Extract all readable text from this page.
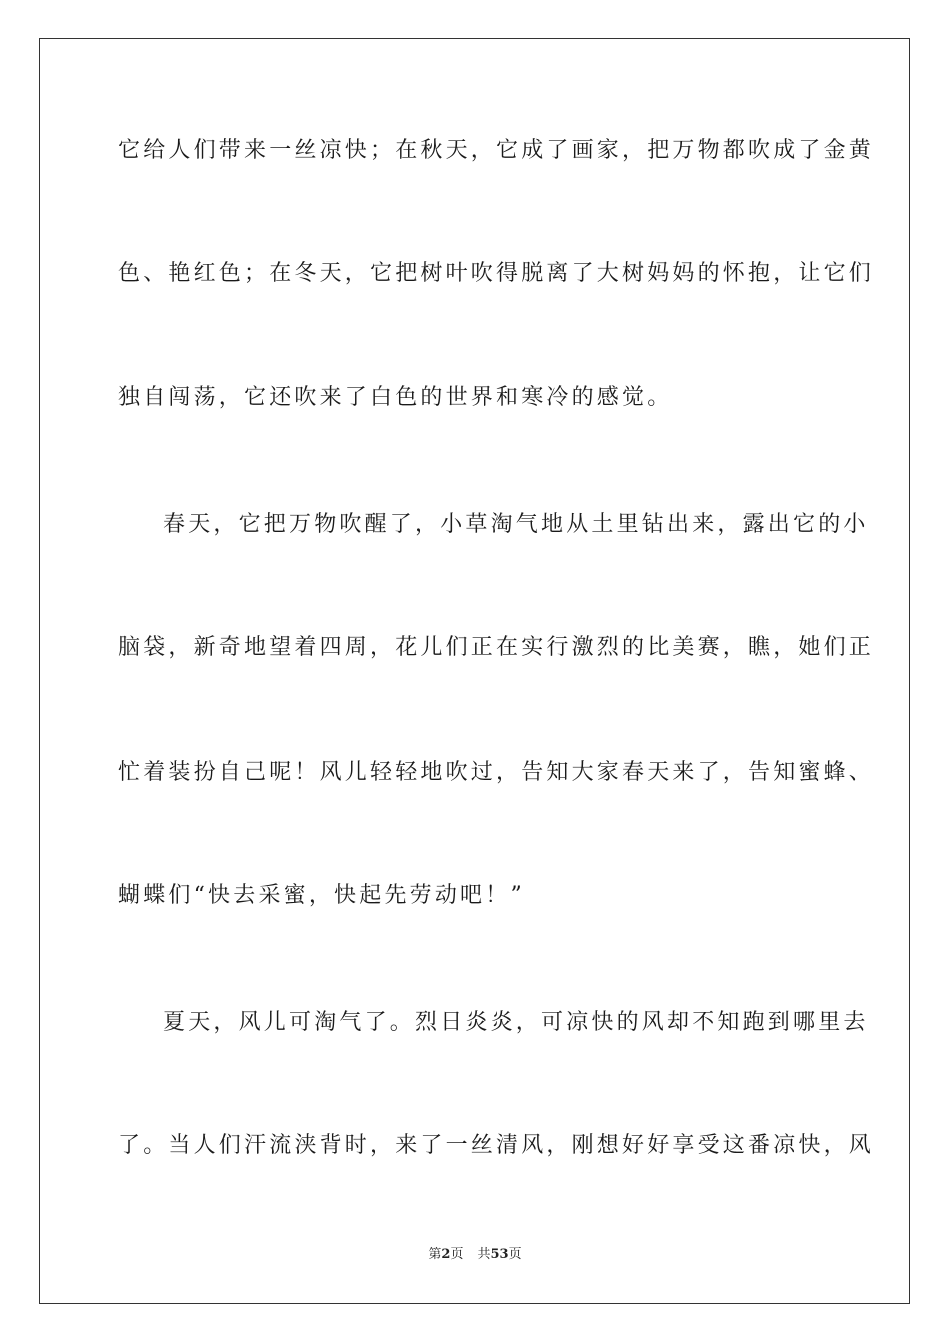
它给人们带来一丝凉快；在秋天，它成了画家，把万物都吹成了金黄
色、艳红色；在冬天，它把树叶吹得脱离了大树妈妈的怀抱，让它们
独自闯荡，它还吹来了白色的世界和寒冷的感觉。
春天，它把万物吹醒了，小草淘气地从土里钻出来，露出它的小
脑袋，新奇地望着四周，花儿们正在实行激烈的比美赛，瞧，她们正
忙着装扮自己呢！风儿轻轻地吹过，告知大家春天来了，告知蜜蜂、
蝴蝶们“快去采蜜，快起先劳动吧！”
夏天，风儿可淘气了。烈日炎炎，可凉快的风却不知跑到哪里去
了。当人们汗流浃背时，来了一丝清风，刚想好好享受这番凉快，风
第2页 共53页
